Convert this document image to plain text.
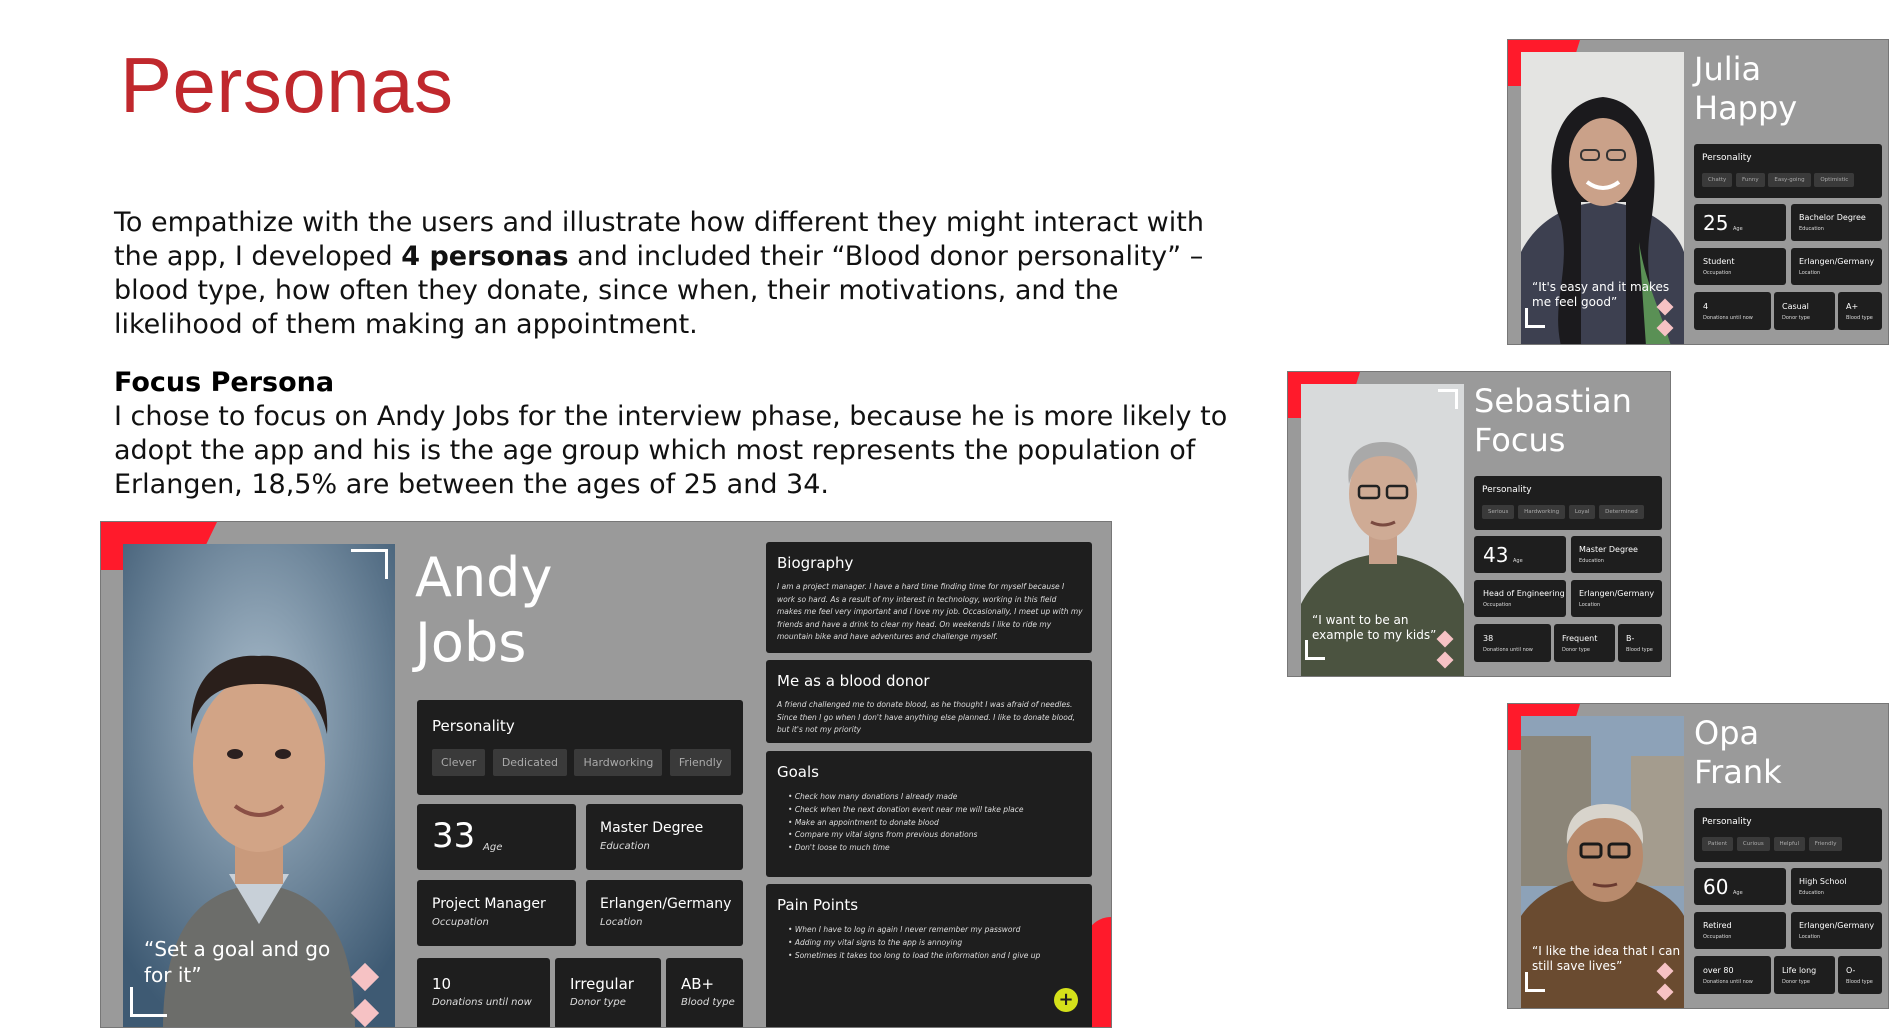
Personas
To empathize with the users and illustrate how different they might interact with the app, I developed 4 personas and included their “Blood donor personality” – blood type, how often they donate, since when, their motivations, and the likelihood of them making an appointment.
Focus Persona
I chose to focus on Andy Jobs for the interview phase, because he is more likely to adopt the app and his is the age group which most represents the population of Erlangen, 18,5% are between the ages of 25 and 34.
“Set a goal and go for it”
Andy
Jobs
Personality
Clever Dedicated Hardworking Friendly
33 Age
Master Degree
Education
Project Manager
Occupation
Erlangen/Germany
Location
10
Donations until now
Irregular
Donor type
AB+
Blood type
Biography
I am a project manager. I have a hard time finding time for myself because I work so hard. As a result of my interest in technology, working in this field makes me feel very important and I love my job. Occasionally, I meet up with my friends and have a drink to clear my head. On weekends I like to ride my mountain bike and have adventures and challenge myself.
Me as a blood donor
A friend challenged me to donate blood, as he thought I was afraid of needles. Since then I go when I don't have anything else planned. I like to donate blood, but it's not my priority
Goals
• Check how many donations I already made
• Check when the next donation event near me will take place
• Make an appointment to donate blood
• Compare my vital signs from previous donations
• Don't loose to much time
Pain Points
• When I have to log in again I never remember my password
• Adding my vital signs to the app is annoying
• Sometimes it takes too long to load the information and I give up
+
“It's easy and it makes me feel good”
Julia
Happy
Personality
Chatty	Funny	Easy-going	Optimistic
25 Age
Bachelor Degree
Education
Student
Occupation
Erlangen/Germany
Location
4
Donations until now
Casual
Donor type
A+
Blood type
“I want to be an example to my kids”
Sebastian
Focus
Personality
Serious	Hardworking	Loyal	Determined
43 Age
Master Degree
Education
Head of Engineering
Occupation
Erlangen/Germany
Location
38
Donations until now
Frequent
Donor type
B-
Blood type
“I like the idea that I can still save lives”
Opa
Frank
Personality
Patient	Curious	Helpful	Friendly
60 Age
High School
Education
Retired
Occupation
Erlangen/Germany
Location
over 80
Donations until now
Life long
Donor type
O-
Blood type
